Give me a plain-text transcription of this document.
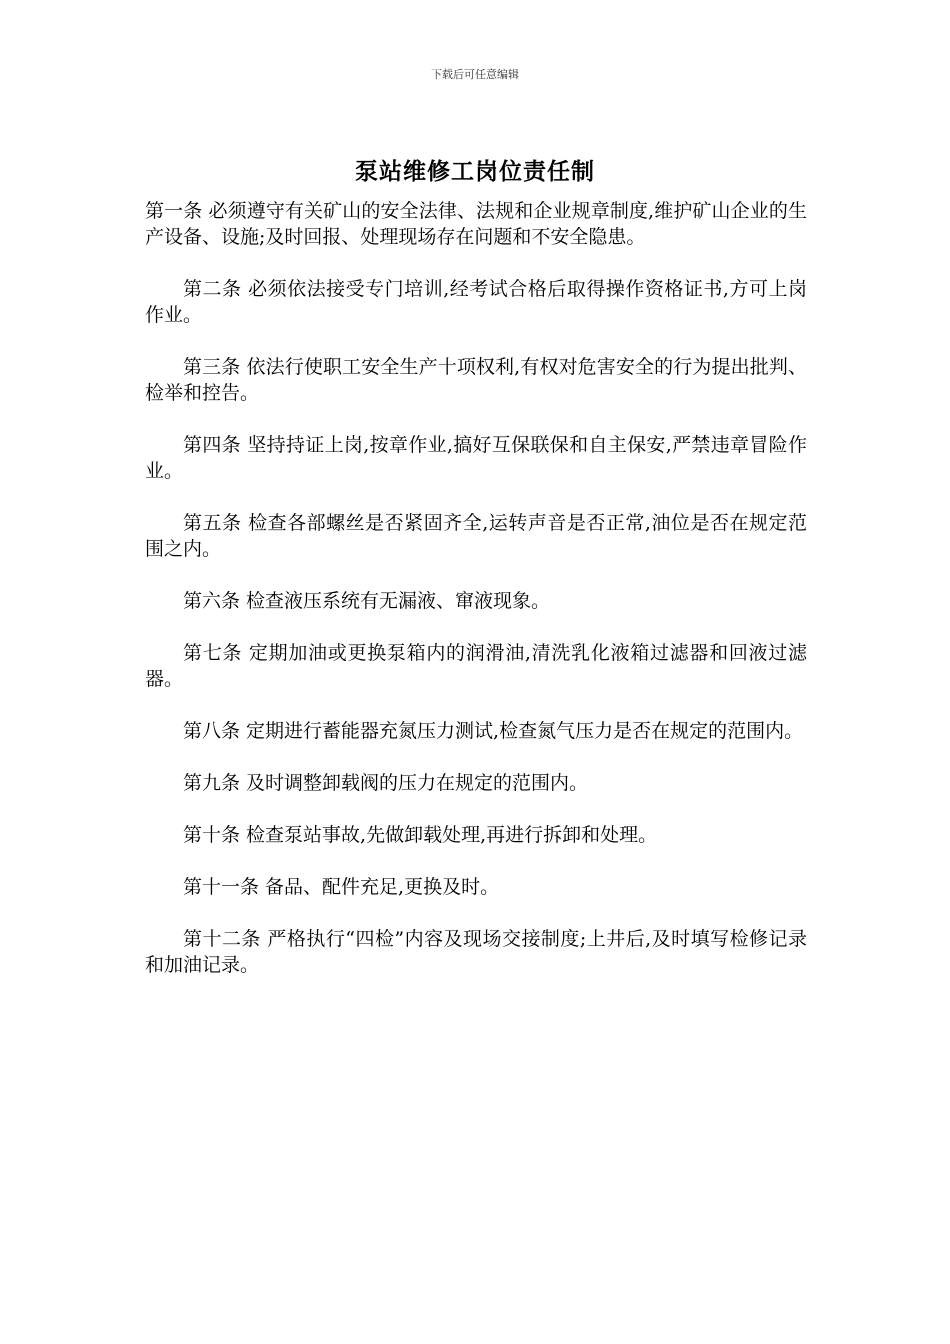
下载后可任意编辑
泵站维修工岗位责任制

第一条 必须遵守有关矿山的安全法律、法规和企业规章制度,维护矿山企业的生产设备、设施;及时回报、处理现场存在问题和不安全隐患。

第二条 必须依法接受专门培训,经考试合格后取得操作资格证书,方可上岗作业。

第三条 依法行使职工安全生产十项权利,有权对危害安全的行为提出批判、检举和控告。

第四条 坚持持证上岗,按章作业,搞好互保联保和自主保安,严禁违章冒险作业。

第五条 检查各部螺丝是否紧固齐全,运转声音是否正常,油位是否在规定范围之内。

第六条 检查液压系统有无漏液、窜液现象。

第七条 定期加油或更换泵箱内的润滑油,清洗乳化液箱过滤器和回液过滤器。

第八条 定期进行蓄能器充氮压力测试,检查氮气压力是否在规定的范围内。

第九条 及时调整卸载阀的压力在规定的范围内。

第十条 检查泵站事故,先做卸载处理,再进行拆卸和处理。

第十一条 备品、配件充足,更换及时。

第十二条 严格执行“四检”内容及现场交接制度;上井后,及时填写检修记录和加油记录。
